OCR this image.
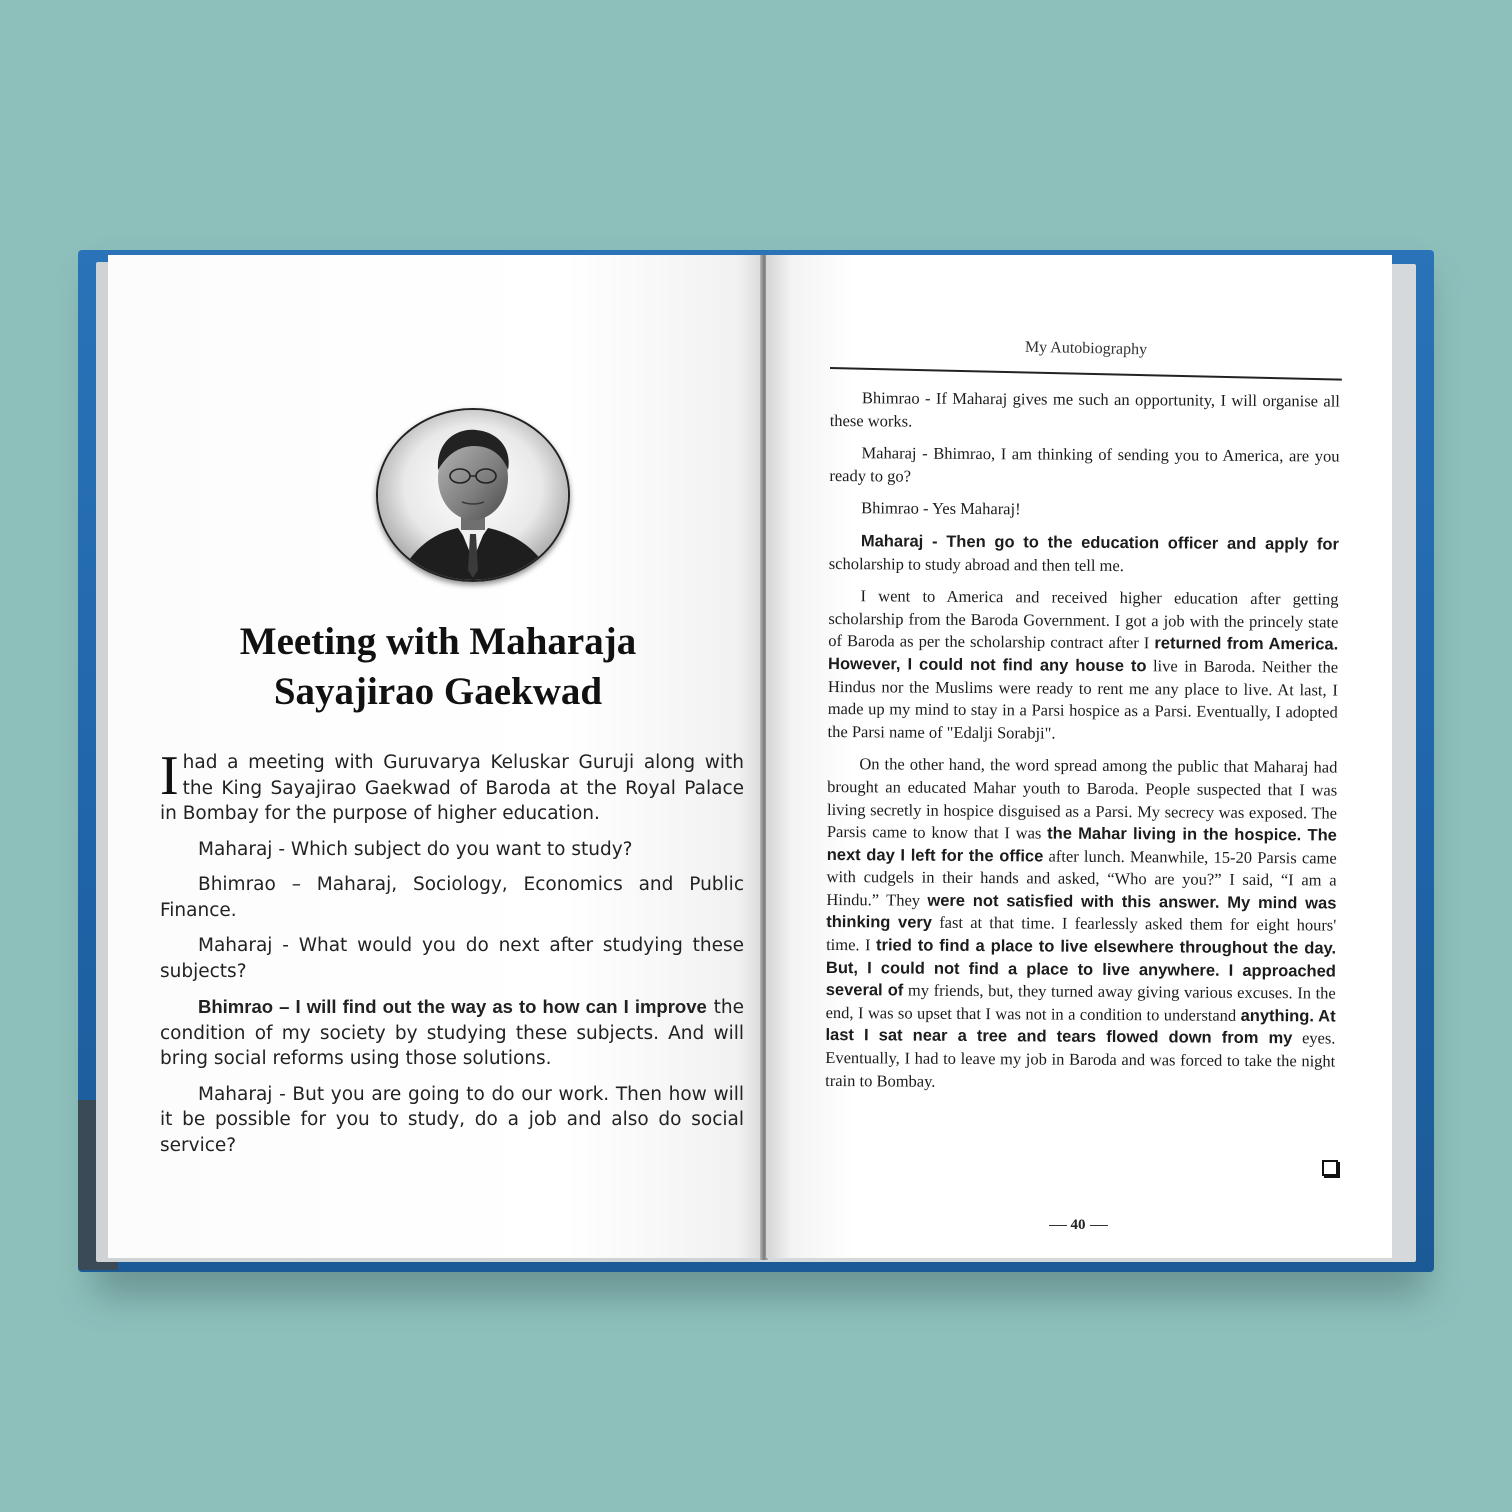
Meeting with Maharaja
Sayajirao Gaekwad

Ihad a meeting with Guruvarya Keluskar Guruji along with the King Sayajirao Gaekwad of Baroda at the Royal Palace in Bombay for the purpose of higher education.

Maharaj - Which subject do you want to study?

Bhimrao – Maharaj, Sociology, Economics and Public Finance.

Maharaj - What would you do next after studying these subjects?

Bhimrao – I will find out the way as to how can I improve the condition of my society by studying these subjects. And will bring social reforms using those solutions.

Maharaj - But you are going to do our work. Then how will it be possible for you to study, do a job and also do social service?

My Autobiography

Bhimrao - If Maharaj gives me such an opportunity, I will organise all these works.

Maharaj - Bhimrao, I am thinking of sending you to America, are you ready to go?

Bhimrao - Yes Maharaj!

Maharaj - Then go to the education officer and apply for scholarship to study abroad and then tell me.

I went to America and received higher education after getting scholarship from the Baroda Government. I got a job with the princely state of Baroda as per the scholarship contract after I returned from America. However, I could not find any house to live in Baroda. Neither the Hindus nor the Muslims were ready to rent me any place to live. At last, I made up my mind to stay in a Parsi hospice as a Parsi. Eventually, I adopted the Parsi name of "Edalji Sorabji".

On the other hand, the word spread among the public that Maharaj had brought an educated Mahar youth to Baroda. People suspected that I was living secretly in hospice disguised as a Parsi. My secrecy was exposed. The Parsis came to know that I was the Mahar living in the hospice. The next day I left for the office after lunch. Meanwhile, 15-20 Parsis came with cudgels in their hands and asked, “Who are you?” I said, “I am a Hindu.” They were not satisfied with this answer. My mind was thinking very fast at that time. I fearlessly asked them for eight hours' time. I tried to find a place to live elsewhere throughout the day. But, I could not find a place to live anywhere. I approached several of my friends, but, they turned away giving various excuses. In the end, I was so upset that I was not in a condition to understand anything. At last I sat near a tree and tears flowed down from my eyes. Eventually, I had to leave my job in Baroda and was forced to take the night train to Bombay.

40
